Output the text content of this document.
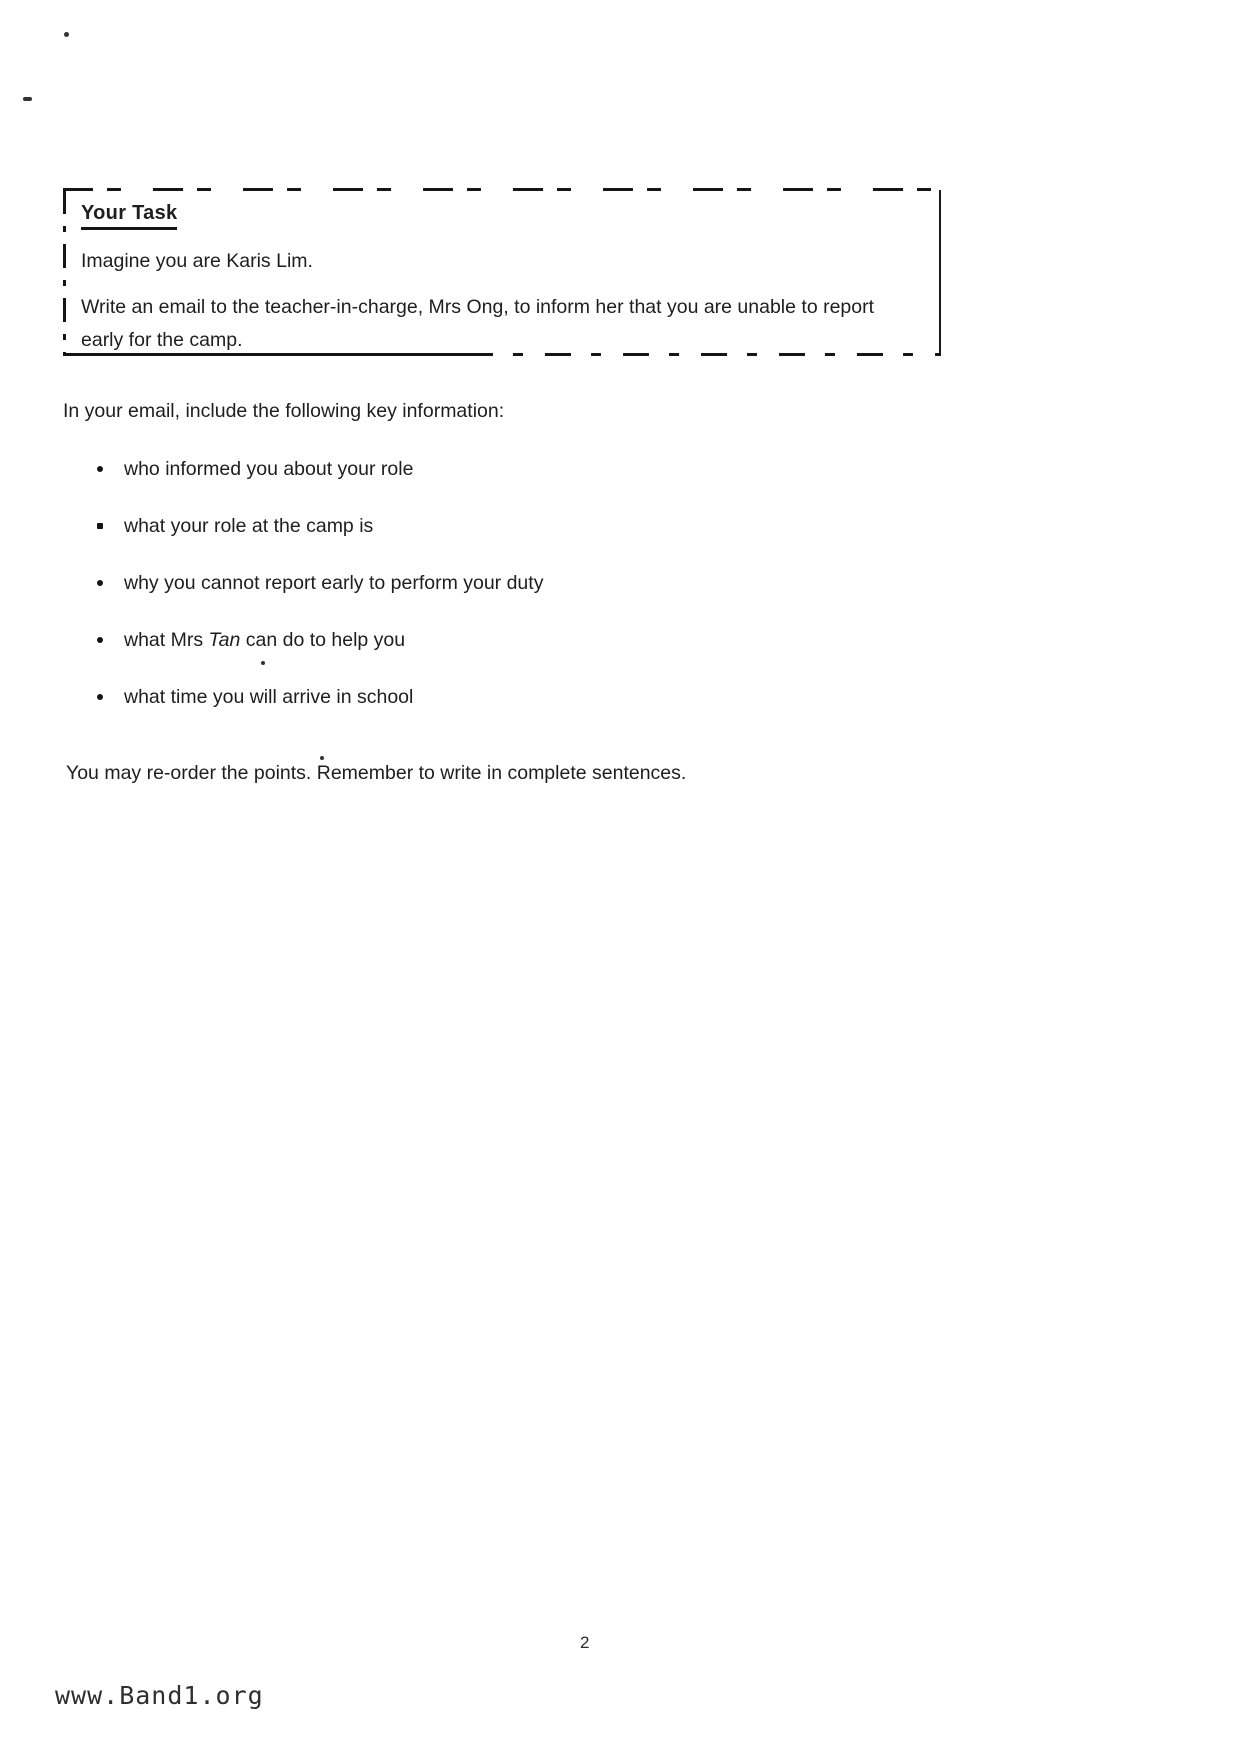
Your Task
Imagine you are Karis Lim.
Write an email to the teacher-in-charge, Mrs Ong, to inform her that you are unable to report early for the camp.
In your email, include the following key information:
who informed you about your role
what your role at the camp is
why you cannot report early to perform your duty
what Mrs Tan can do to help you
what time you will arrive in school
You may re-order the points. Remember to write in complete sentences.
2
www.Band1.org
